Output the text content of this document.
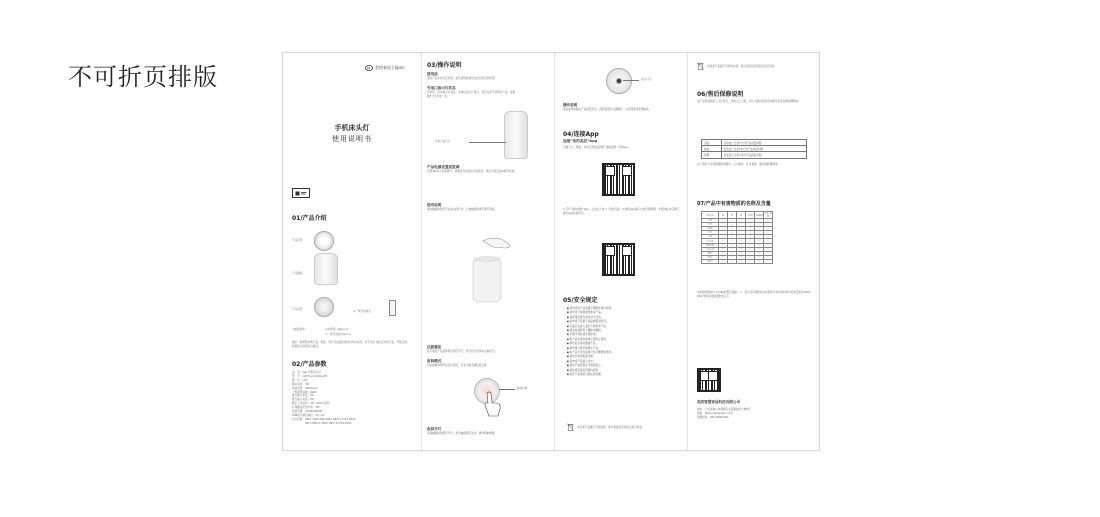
不可折页排版	M 美的家居 | lipro
手机床头灯
使用说明书
01/产品介绍
产品顶部
产品侧面
产品底部
②一键充电模式
①触摸按键	③电源接口(Type-C)
④一键充电线(Type-C)
提示：如果您未购产品，那客，用户可直接使用的内外边线可，对于对话 请注意中的产品，严格正规，按照标以说明来合格线。
02/产品参数
品　名：lipro手机床头灯
型　号：12071+ADOAS-W3
颜　色：白色
额定功率：3W
电池容量：2600mAh
一般显色指数：Ra95
最大输入电压：5V
最大输入电流：2A
额定工作时间：3H（100%亮度）
灯珠额定使用寿命：3W
色温范围：2700K-6500K
USB接口额定输出：5V⎓1A
执行标准：GB/T 7000.204-2023 GB/T 17743-2021
　　　　　GB 17625.1-2022 GB/T 31725-2021
03/操作说明
使用前
请在产品中的对应充电，首次使用前请先完成充电后再使用。
充电口指示灯状态
充电时，充电指示灯常亮；充满后指示灯熄灭。若长时间不使用本产品，请每隔3个月充电一次。
充电口指示灯
产品电源设置亮度调
长按3秒进入亮度调节，按键松开后保持当前亮度，再次长按可反向调节亮度。
使用说明
单击触摸按键可开启或关闭灯光；长按触摸按键可调节亮度。
近距感应
将手靠近产品顶部即可感应开灯，离开后灯光保持当前状态。
夜间模式
双击触摸按键开启夜灯模式，灯光切换至暖色低亮度。
触摸按键
夜间开灯
夜间触摸按键即可开灯，再次触摸即可关闭，操作简单便捷。
指示灯光
操作说明
请在使用前确认产品电量充足，按照说明书正确操作，以获得最佳使用体验。
04/连接App
连接“美的美居”App
扫描下方二维码，或在应用商店搜索“美的美居”下载App。
1.打开“美的美居”App，点击右上角“+”添加设备。2.按照App提示完成设备配网。3.配网成功后即可通过App控制灯光。
05/安全规定
■ 请勿将本产品放置于潮湿环境中使用。
■ 请勿自行拆卸或改装本产品。
■ 请使用原装充电线进行充电。
■ 请勿将产品置于高温或明火附近。
■ 儿童应在成人监护下使用本产品。
■ 清洁时请使用干燥软布擦拭。
■ 长期不用时请定期充电。
■ 如产品出现异常请立即停止使用。
■ 请勿在充电时覆盖产品。
■ 请勿用力摔打或挤压产品。
■ 本产品不含可由用户自行维修的部件。
■ 请勿长时间直视光源。
■ 请勿将产品浸入水中。
■ 请将产品放置在平稳表面上。
■ 请在规定温度范围内使用。
■ 废弃产品请按当地法规处理。
本包装产品属于可回收物，请分类投放至回收点进行回收。
本包装产品属于可回收垃圾，请分类投放至回收点进行回收
06/售后保修说明
本产品享受国家“三包”规定，自购买之日起，非人为损坏的质量问题可享受免费保修服务。
退货	自签收之日起7天内产品质量问题
换货	自签收之日起15天内产品质量问题
保修	自签收之日起1年内产品质量问题
以下情况不在免费保修范围内：人为损坏、私自拆修、超出保修期限等。
07/产品中有害物质的名称及含量
部件名称	铅	汞	镉	六价铬	多溴联苯	多溴二苯醚
灯罩	○	○	○	○	○	○
外壳	○	○	○	○	○	○
电路板	○	○	○	○	○	○
灯珠	○	○	○	○	○	○
电池	○	○	○	○	○	○
充电线	○	○	○	○	○	○
触摸按键	○	○	○	○	○	○
内部支架	○	○	○	○	○	○
螺丝	○	○	○	○	○	○
包装	○	○	○	○	○	○
说明书	○	○	○	○	○	○
本表格依据SJ/T 11364的规定编制。○：表示该有害物质在该部件所有均质材料中的含量均在GB/T 26572规定的限量要求以下。
美的智慧家居科技有限公司
地址：广东省佛山市顺德区北滘镇美的大道6号
网址：https://www.lipro.com
客服热线：400-0086-990
